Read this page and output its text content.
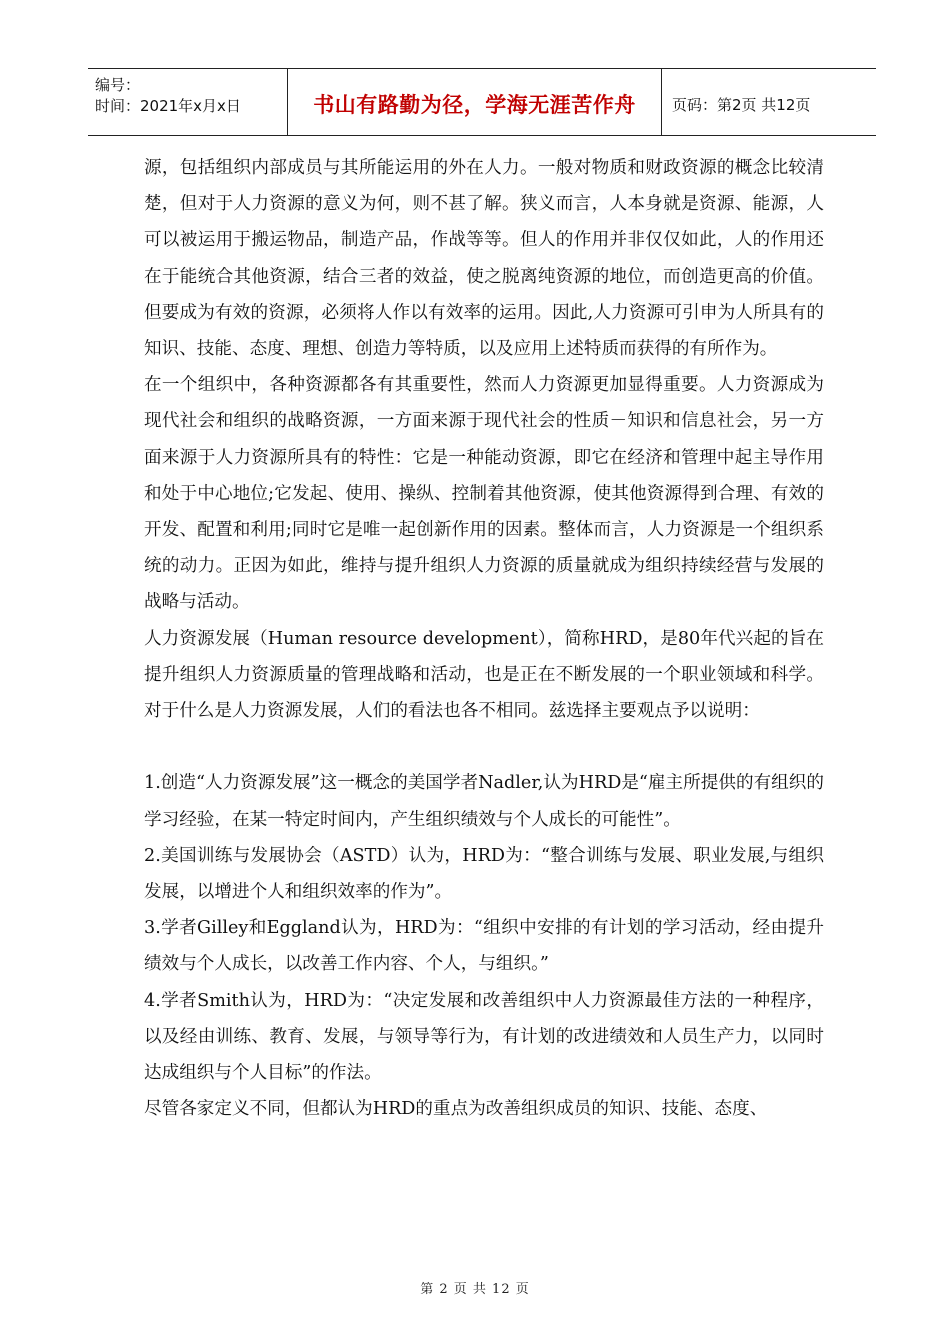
编号：
时间：2021年x月x日	书山有路勤为径，学海无涯苦作舟	页码：第2页 共12页

源，包括组织内部成员与其所能运用的外在人力。一般对物质和财政资源的概念比较清楚，但对于人力资源的意义为何，则不甚了解。狭义而言，人本身就是资源、能源，人可以被运用于搬运物品，制造产品，作战等等。但人的作用并非仅仅如此，人的作用还在于能统合其他资源，结合三者的效益，使之脱离纯资源的地位，而创造更高的价值。但要成为有效的资源，必须将人作以有效率的运用。因此,人力资源可引申为人所具有的知识、技能、态度、理想、创造力等特质，以及应用上述特质而获得的有所作为。

在一个组织中，各种资源都各有其重要性，然而人力资源更加显得重要。人力资源成为现代社会和组织的战略资源，一方面来源于现代社会的性质－知识和信息社会，另一方面来源于人力资源所具有的特性：它是一种能动资源，即它在经济和管理中起主导作用和处于中心地位;它发起、使用、操纵、控制着其他资源，使其他资源得到合理、有效的开发、配置和利用;同时它是唯一起创新作用的因素。整体而言，人力资源是一个组织系统的动力。正因为如此，维持与提升组织人力资源的质量就成为组织持续经营与发展的战略与活动。

人力资源发展（Human resource development），简称HRD，是80年代兴起的旨在提升组织人力资源质量的管理战略和活动，也是正在不断发展的一个职业领域和科学。对于什么是人力资源发展，人们的看法也各不相同。兹选择主要观点予以说明：

1.创造“人力资源发展”这一概念的美国学者Nadler,认为HRD是“雇主所提供的有组织的学习经验，在某一特定时间内，产生组织绩效与个人成长的可能性”。

2.美国训练与发展协会（ASTD）认为，HRD为：“整合训练与发展、职业发展,与组织发展，以增进个人和组织效率的作为”。

3.学者Gilley和Eggland认为，HRD为：“组织中安排的有计划的学习活动，经由提升绩效与个人成长，以改善工作内容、个人，与组织。”

4.学者Smith认为，HRD为：“决定发展和改善组织中人力资源最佳方法的一种程序，以及经由训练、教育、发展，与领导等行为，有计划的改进绩效和人员生产力，以同时达成组织与个人目标”的作法。

尽管各家定义不同，但都认为HRD的重点为改善组织成员的知识、技能、态度、

第 2 页 共 12 页
